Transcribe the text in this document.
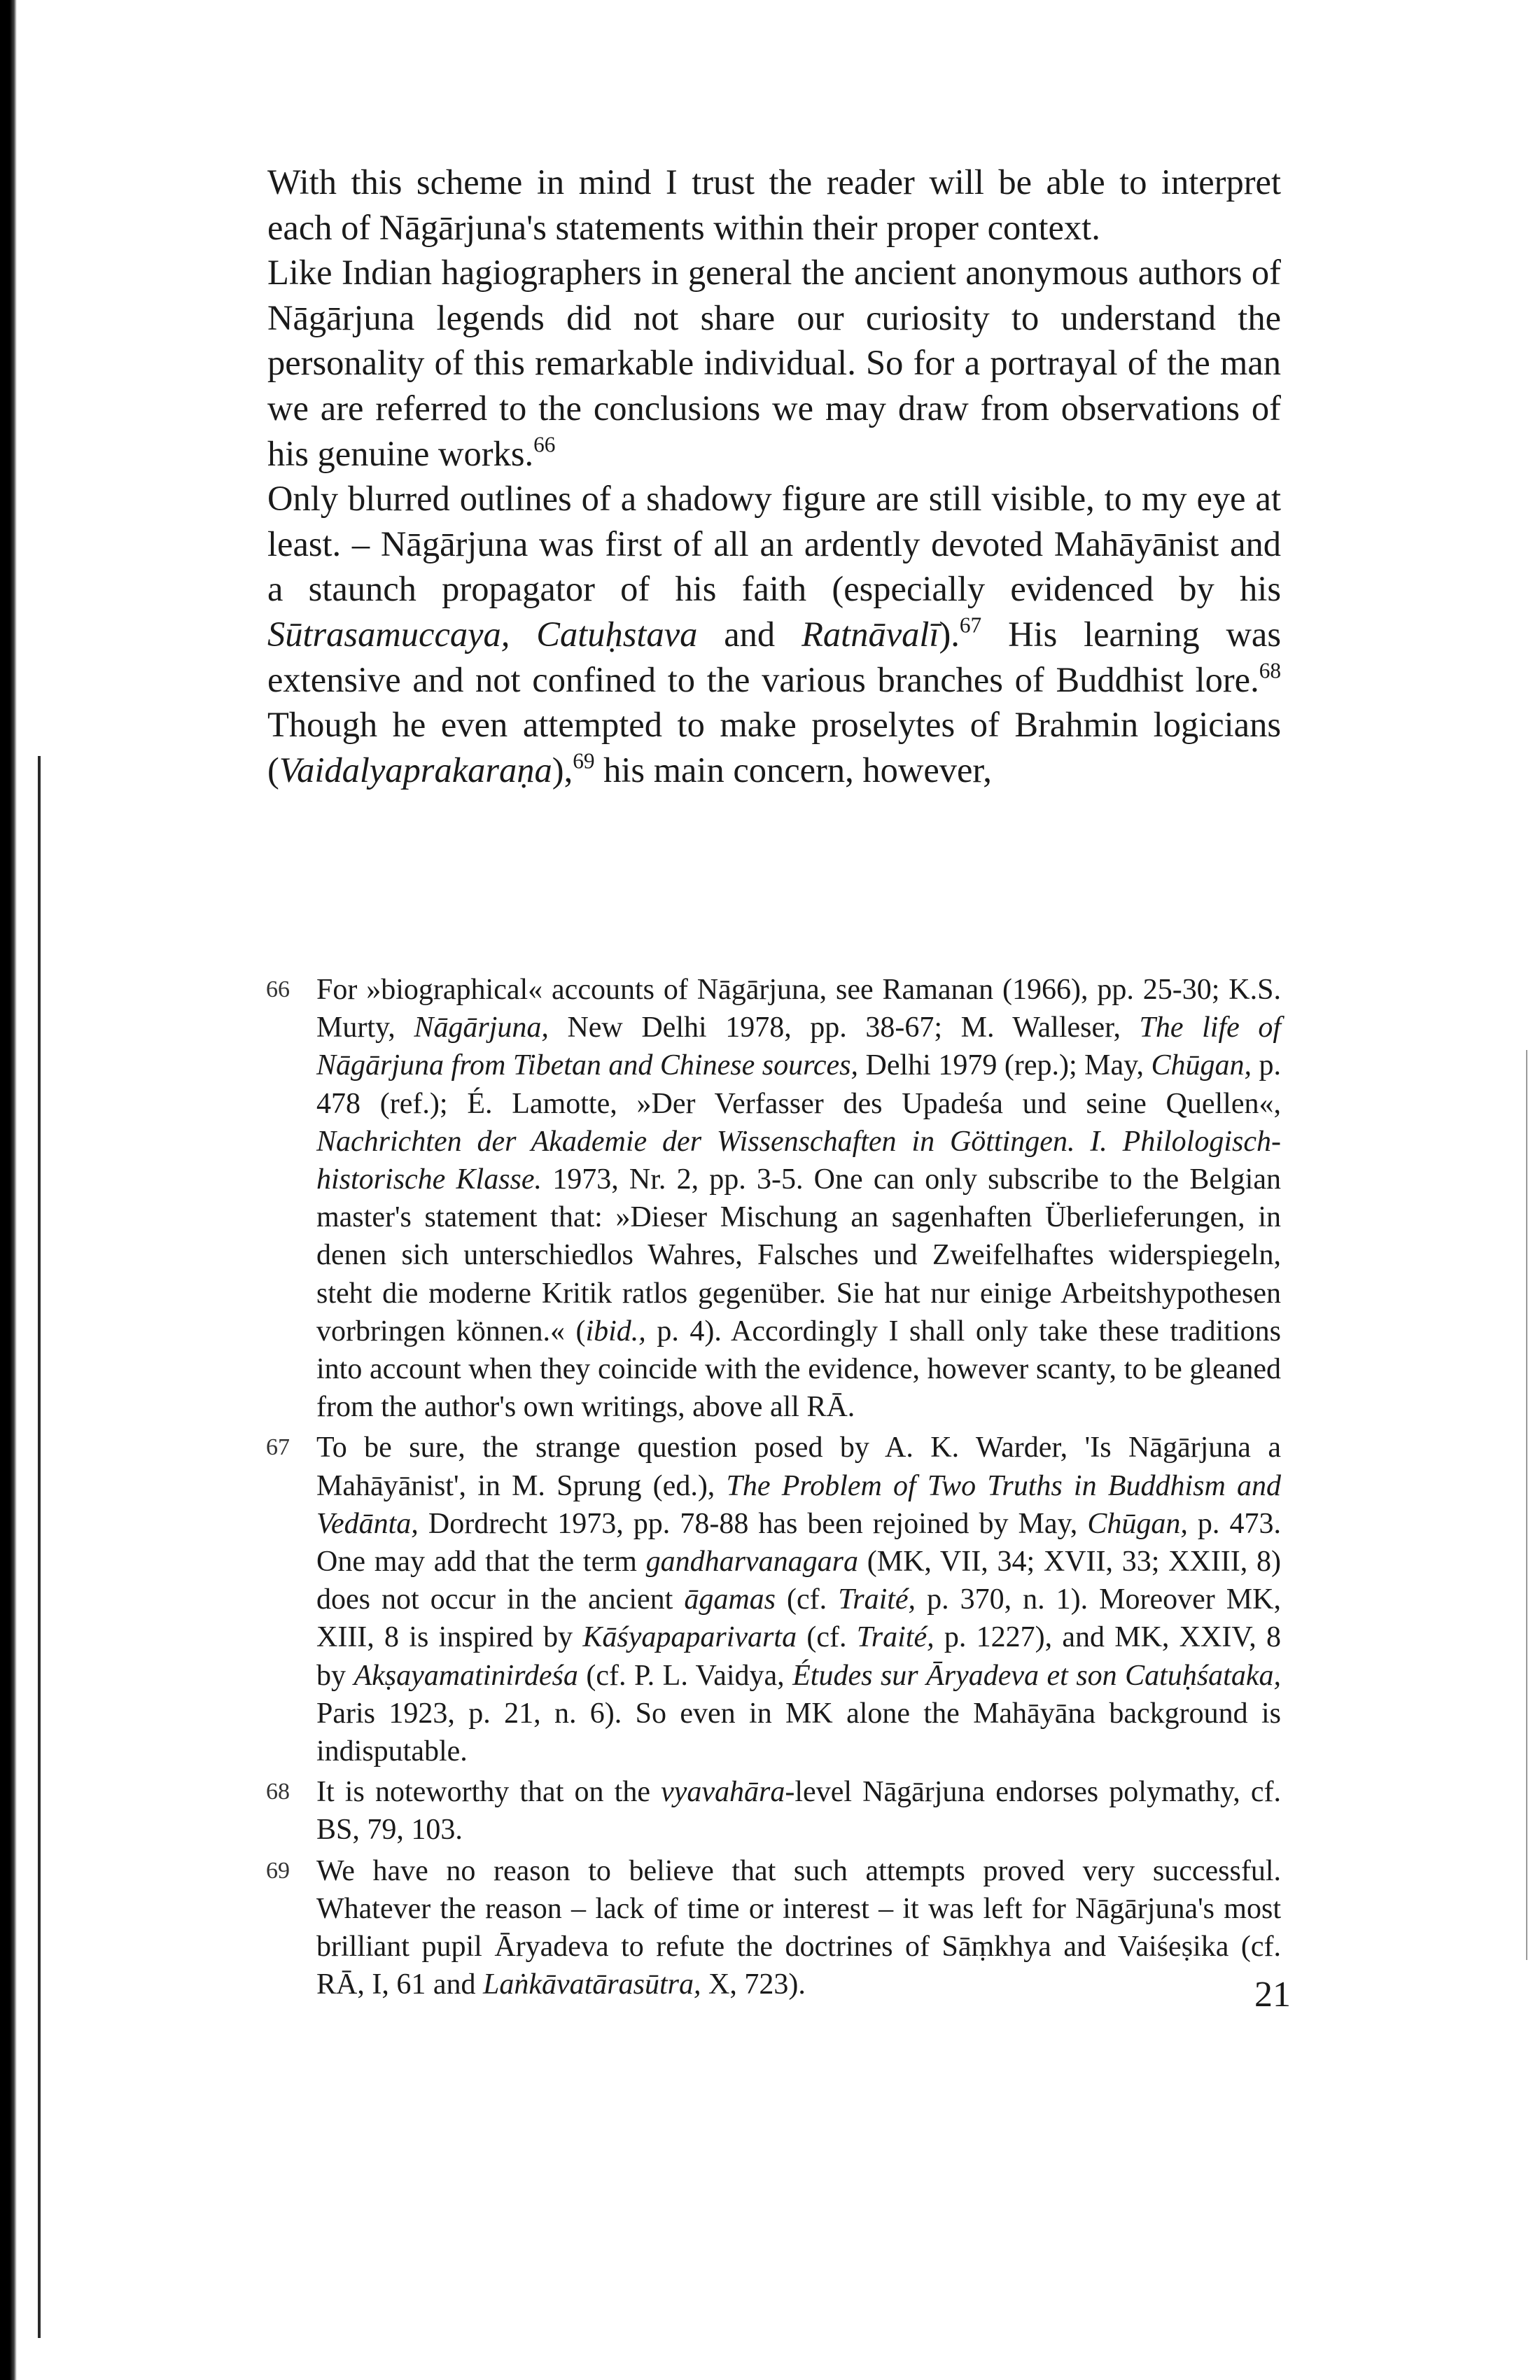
With this scheme in mind I trust the reader will be able to interpret each of Nāgārjuna's statements within their proper context.

Like Indian hagiographers in general the ancient anonymous authors of Nāgārjuna legends did not share our curiosity to understand the personality of this remarkable individual. So for a portrayal of the man we are referred to the conclusions we may draw from observations of his genuine works.$^{66}$

Only blurred outlines of a shadowy figure are still visible, to my eye at least. – Nāgārjuna was first of all an ardently devoted Mahāyānist and a staunch propagator of his faith (especially evidenced by his Sūtrasamuccaya, Catuḥstava and Ratnāvalī).$^{67}$ His learning was extensive and not confined to the various branches of Buddhist lore.$^{68}$ Though he even attempted to make proselytes of Brahmin logicians (Vaidalyaprakaraṇa),$^{69}$ his main concern, however,

66 For »biographical« accounts of Nāgārjuna, see Ramanan (1966), pp. 25-30; K.S. Murty, Nāgārjuna, New Delhi 1978, pp. 38-67; M. Walleser, The life of Nāgārjuna from Tibetan and Chinese sources, Delhi 1979 (rep.); May, Chūgan, p. 478 (ref.); É. Lamotte, »Der Verfasser des Upadeśa und seine Quellen«, Nachrichten der Akademie der Wissenschaften in Göttingen. I. Philologisch-historische Klasse. 1973, Nr. 2, pp. 3-5. One can only subscribe to the Belgian master's statement that: »Dieser Mischung an sagenhaften Überlieferungen, in denen sich unterschiedlos Wahres, Falsches und Zweifelhaftes widerspiegeln, steht die moderne Kritik ratlos gegenüber. Sie hat nur einige Arbeitshypothesen vorbringen können.« (ibid., p. 4). Accordingly I shall only take these traditions into account when they coincide with the evidence, however scanty, to be gleaned from the author's own writings, above all RĀ.

67 To be sure, the strange question posed by A. K. Warder, 'Is Nāgārjuna a Mahāyānist', in M. Sprung (ed.), The Problem of Two Truths in Buddhism and Vedānta, Dordrecht 1973, pp. 78-88 has been rejoined by May, Chūgan, p. 473. One may add that the term gandharvanagara (MK, VII, 34; XVII, 33; XXIII, 8) does not occur in the ancient āgamas (cf. Traité, p. 370, n. 1). Moreover MK, XIII, 8 is inspired by Kāśyapaparivarta (cf. Traité, p. 1227), and MK, XXIV, 8 by Akṣayamatinirdeśa (cf. P. L. Vaidya, Études sur Āryadeva et son Catuḥśataka, Paris 1923, p. 21, n. 6). So even in MK alone the Mahāyāna background is indisputable.

68 It is noteworthy that on the vyavahāra-level Nāgārjuna endorses polymathy, cf. BS, 79, 103.

69 We have no reason to believe that such attempts proved very successful. Whatever the reason – lack of time or interest – it was left for Nāgārjuna's most brilliant pupil Āryadeva to refute the doctrines of Sāṃkhya and Vaiśeṣika (cf. RĀ, I, 61 and Laṅkāvatārasūtra, X, 723).	21
